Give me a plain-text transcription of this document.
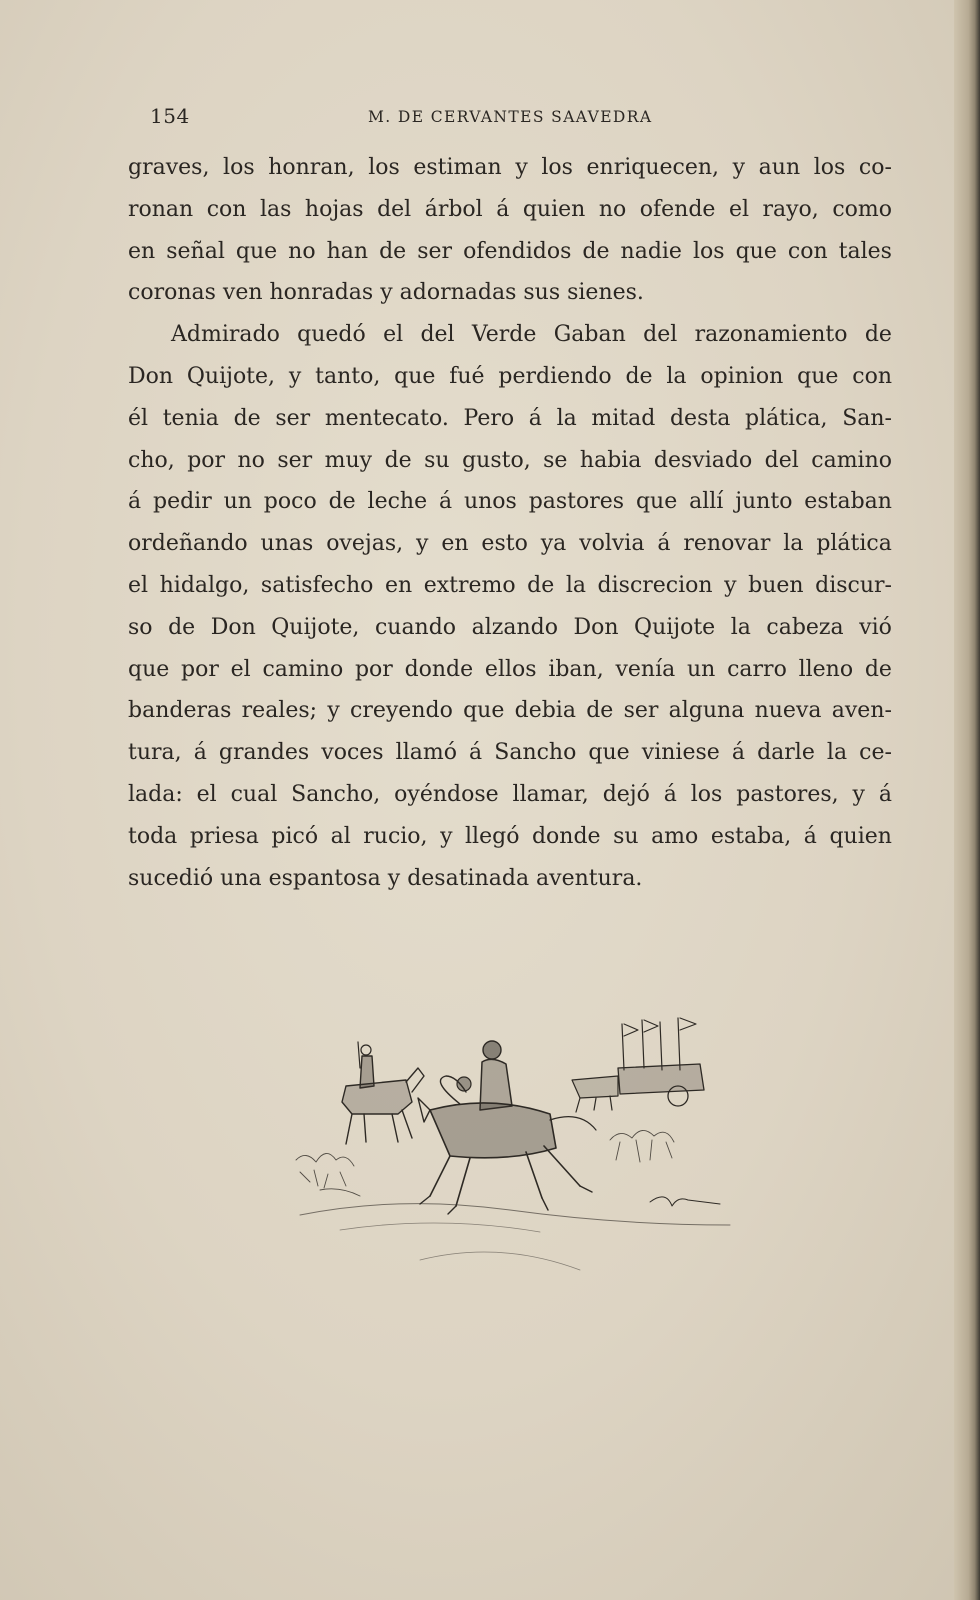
154	M. DE CERVANTES SAAVEDRA
graves, los honran, los estiman y los enriquecen, y aun los co-
ronan con las hojas del árbol á quien no ofende el rayo, como
en señal que no han de ser ofendidos de nadie los que con tales
coronas ven honradas y adornadas sus sienes.
Admirado quedó el del Verde Gaban del razonamiento de
Don Quijote, y tanto, que fué perdiendo de la opinion que con
él tenia de ser mentecato. Pero á la mitad desta plática, San-
cho, por no ser muy de su gusto, se habia desviado del camino
á pedir un poco de leche á unos pastores que allí junto estaban
ordeñando unas ovejas, y en esto ya volvia á renovar la plática
el hidalgo, satisfecho en extremo de la discrecion y buen discur-
so de Don Quijote, cuando alzando Don Quijote la cabeza vió
que por el camino por donde ellos iban, venía un carro lleno de
banderas reales; y creyendo que debia de ser alguna nueva aven-
tura, á grandes voces llamó á Sancho que viniese á darle la ce-
lada: el cual Sancho, oyéndose llamar, dejó á los pastores, y á
toda priesa picó al rucio, y llegó donde su amo estaba, á quien
sucedió una espantosa y desatinada aventura.
